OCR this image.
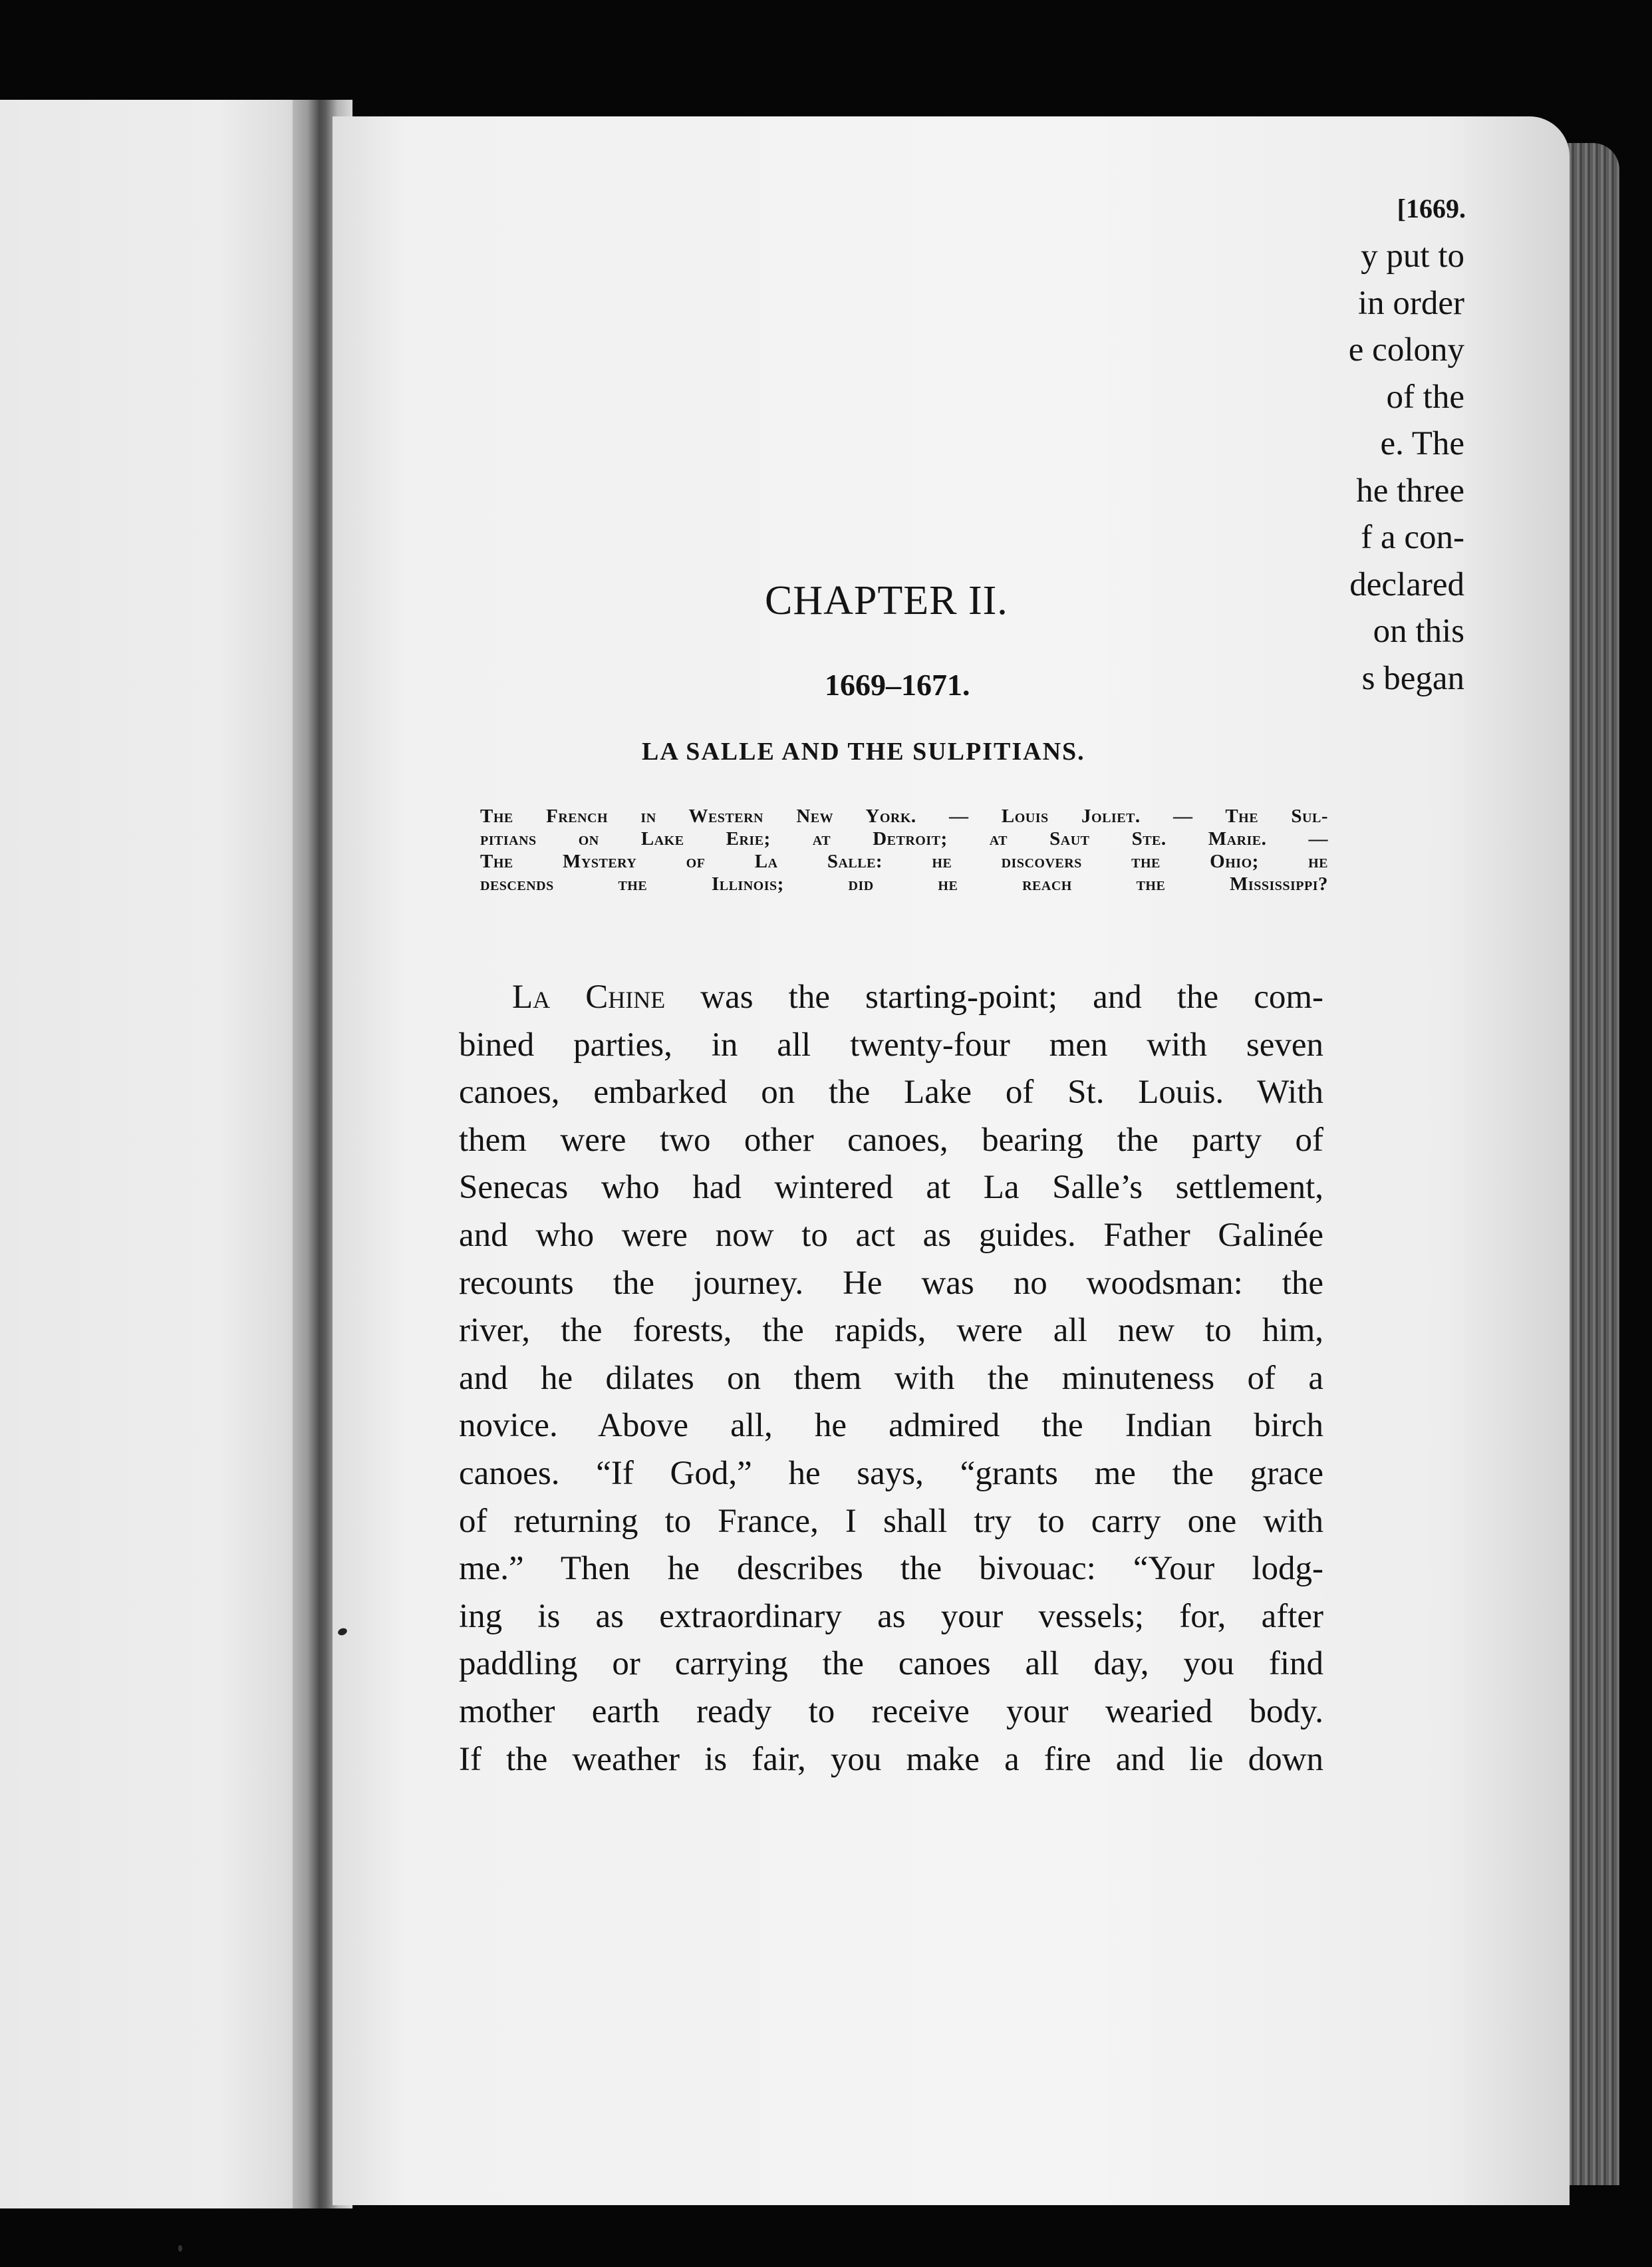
[1669.
y put to
in order
e colony
of the
e. The
he three
f a con-
declared
on this
s began
CHAPTER II.
1669–1671.
LA SALLE AND THE SULPITIANS.
The French in Western New York. — Louis Joliet. — The Sul-
pitians on Lake Erie; at Detroit; at Saut Ste. Marie. —
The Mystery of La Salle: he discovers the Ohio; he
descends the Illinois; did he reach the Mississippi?
La Chine was the starting-point; and the com-
bined parties, in all twenty-four men with seven
canoes, embarked on the Lake of St. Louis. With
them were two other canoes, bearing the party of
Senecas who had wintered at La Salle’s settlement,
and who were now to act as guides. Father Galinée
recounts the journey. He was no woodsman: the
river, the forests, the rapids, were all new to him,
and he dilates on them with the minuteness of a
novice. Above all, he admired the Indian birch
canoes. “If God,” he says, “grants me the grace
of returning to France, I shall try to carry one with
me.” Then he describes the bivouac: “Your lodg-
ing is as extraordinary as your vessels; for, after
paddling or carrying the canoes all day, you find
mother earth ready to receive your wearied body.
If the weather is fair, you make a fire and lie down
